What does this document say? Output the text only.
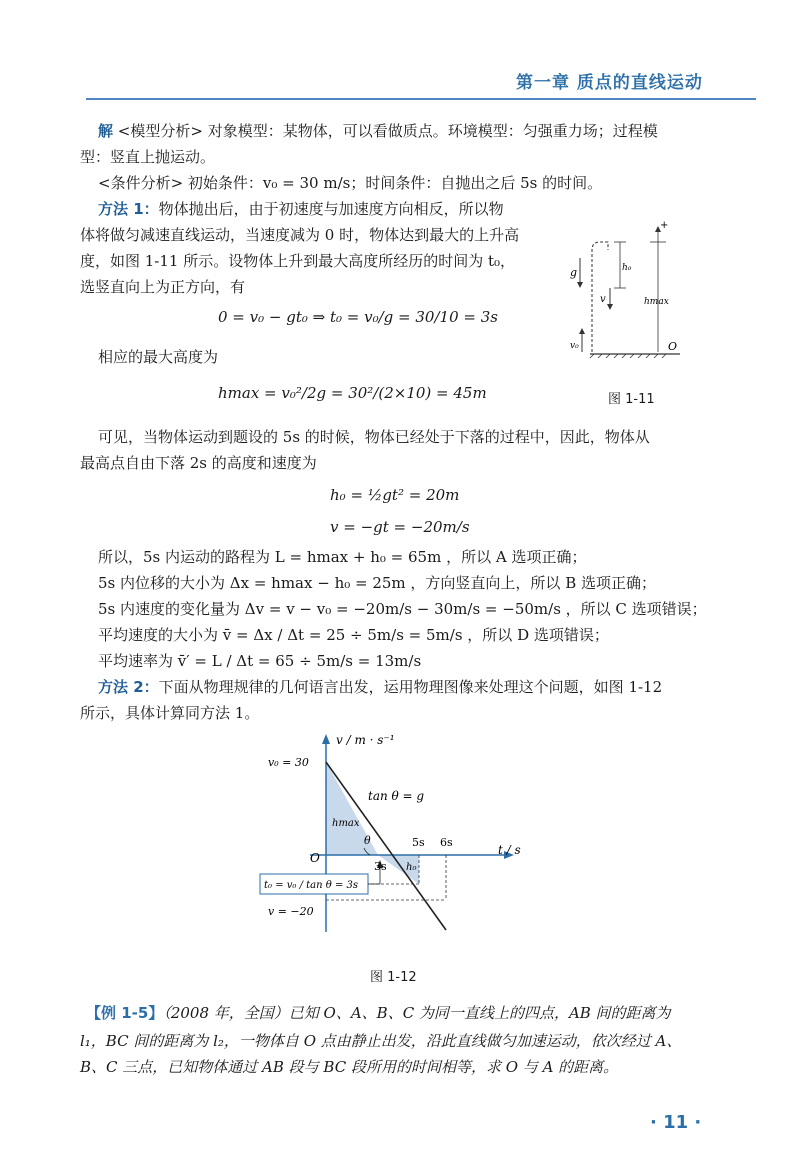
第一章 质点的直线运动
解 <模型分析> 对象模型：某物体，可以看做质点。环境模型：匀强重力场；过程模
型：竖直上抛运动。
<条件分析> 初始条件：v₀ = 30 m/s；时间条件：自抛出之后 5s 的时间。
方法 1：物体抛出后，由于初速度与加速度方向相反，所以物
体将做匀减速直线运动，当速度减为 0 时，物体达到最大的上升高
度，如图 1-11 所示。设物体上升到最大高度所经历的时间为 t₀，
选竖直向上为正方向，有
0 = v₀ − gt₀ ⇒ t₀ = v₀/g = 30/10 = 3s
相应的最大高度为
hmax = v₀²/2g = 30²/(2×10) = 45m
+
g
v
h₀
hmax
v₀	O
图 1-11
可见，当物体运动到题设的 5s 的时候，物体已经处于下落的过程中，因此，物体从
最高点自由下落 2s 的高度和速度为
h₀ = ½gt² = 20m
v = −gt = −20m/s
所以，5s 内运动的路程为 L = hmax + h₀ = 65m ，所以 A 选项正确；
5s 内位移的大小为 Δx = hmax − h₀ = 25m ，方向竖直向上，所以 B 选项正确；
5s 内速度的变化量为 Δv = v − v₀ = −20m/s − 30m/s = −50m/s ，所以 C 选项错误；
平均速度的大小为 v̄ = Δx / Δt = 25 ÷ 5m/s = 5m/s ，所以 D 选项错误；
平均速率为 v̄′ = L / Δt = 65 ÷ 5m/s = 13m/s
方法 2：下面从物理规律的几何语言出发，运用物理图像来处理这个问题，如图 1-12
所示，具体计算同方法 1。
v / m · s⁻¹
t / s
v₀ = 30
v = −20
O
tan θ = g
θ
hmax
h₀
3s
5s 6s
t₀ = v₀ / tan θ = 3s
图 1-12
【例 1-5】（2008 年，全国）已知 O、A、B、C 为同一直线上的四点，AB 间的距离为
l₁，BC 间的距离为 l₂，一物体自 O 点由静止出发，沿此直线做匀加速运动，依次经过 A、
B、C 三点，已知物体通过 AB 段与 BC 段所用的时间相等，求 O 与 A 的距离。
· 11 ·
